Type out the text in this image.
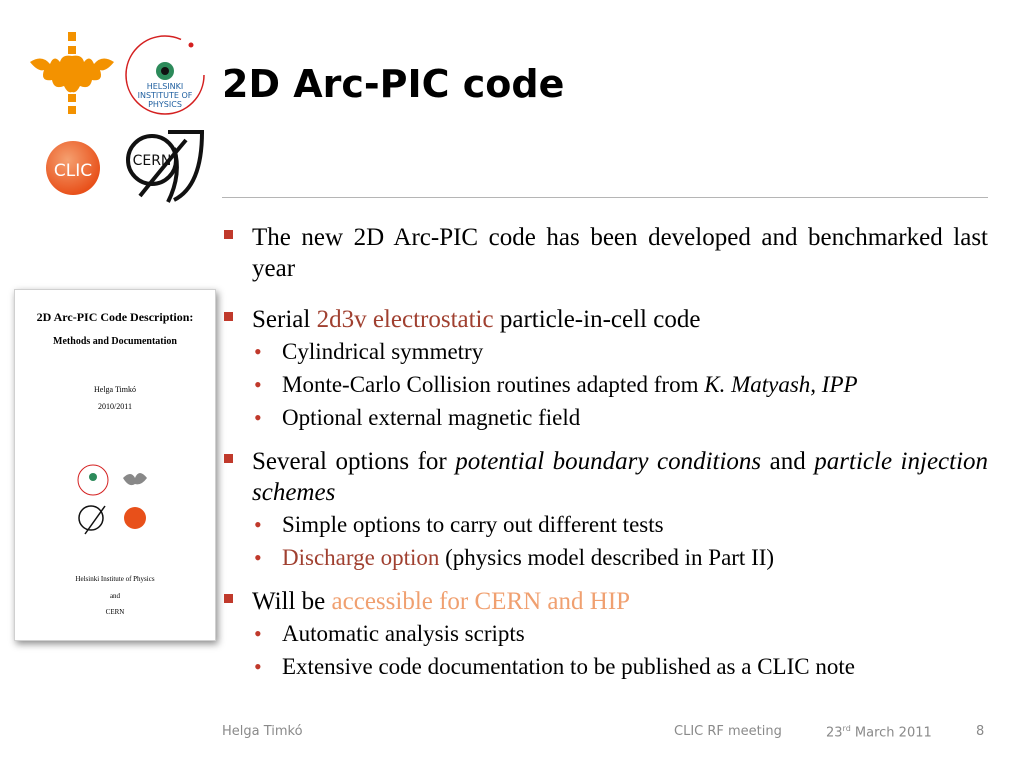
HELSINKI
INSTITUTE OF
PHYSICS
CLIC	CERN
2D Arc-PIC code
2D Arc-PIC Code Description:
Methods and Documentation
Helga Timkó
2010/2011
Helsinki Institute of Physics
and
CERN
The new 2D Arc-PIC code has been developed and benchmarked last year
Serial 2d3v electrostatic particle-in-cell code
• Cylindrical symmetry
• Monte-Carlo Collision routines adapted from K. Matyash, IPP
• Optional external magnetic field
Several options for potential boundary conditions and particle injection schemes
• Simple options to carry out different tests
• Discharge option (physics model described in Part II)
Will be accessible for CERN and HIP
• Automatic analysis scripts
• Extensive code documentation to be published as a CLIC note
Helga Timkó	CLIC RF meeting	23rd March 2011	8
